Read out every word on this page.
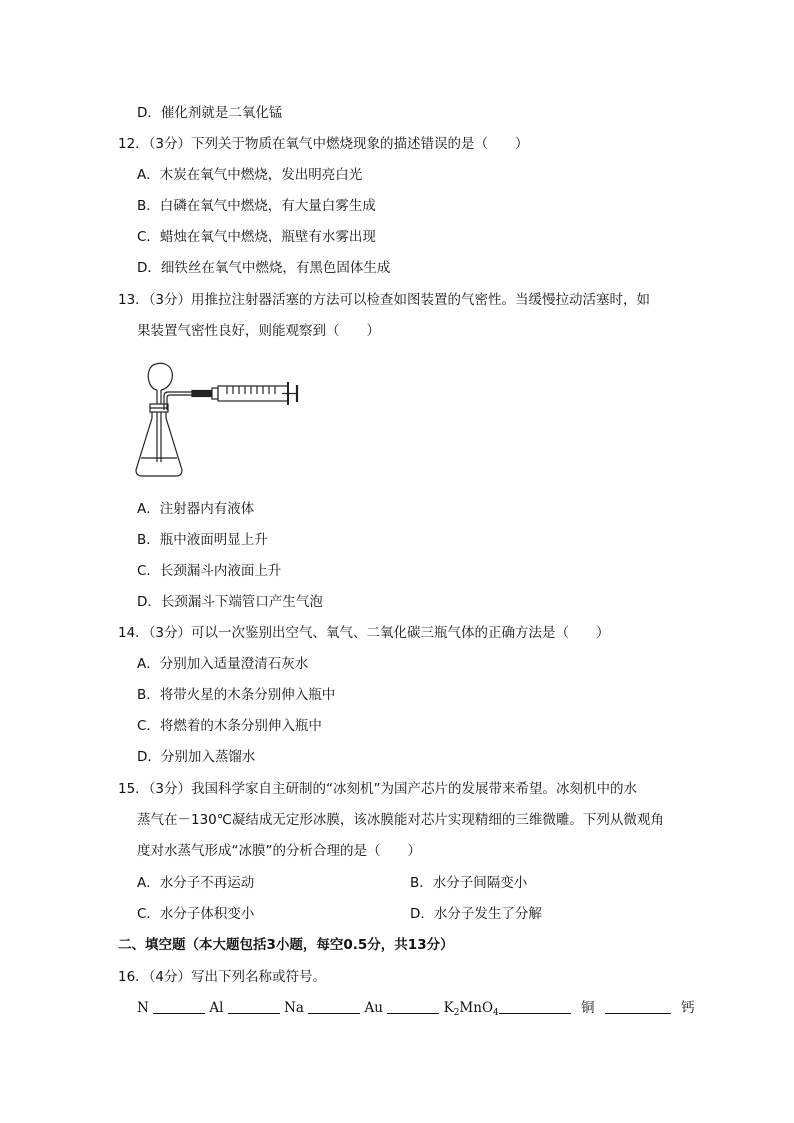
D．催化剂就是二氧化锰
12．（3分）下列关于物质在氧气中燃烧现象的描述错误的是（　　）
A．木炭在氧气中燃烧，发出明亮白光
B．白磷在氧气中燃烧，有大量白雾生成
C．蜡烛在氧气中燃烧，瓶壁有水雾出现
D．细铁丝在氧气中燃烧，有黑色固体生成
13．（3分）用推拉注射器活塞的方法可以检查如图装置的气密性。当缓慢拉动活塞时，如
果装置气密性良好，则能观察到（　　）
A．注射器内有液体
B．瓶中液面明显上升
C．长颈漏斗内液面上升
D．长颈漏斗下端管口产生气泡
14．（3分）可以一次鉴别出空气、氧气、二氧化碳三瓶气体的正确方法是（　　）
A．分别加入适量澄清石灰水
B．将带火星的木条分别伸入瓶中
C．将燃着的木条分别伸入瓶中
D．分别加入蒸馏水
15．（3分）我国科学家自主研制的“冰刻机”为国产芯片的发展带来希望。冰刻机中的水
蒸气在－130℃凝结成无定形冰膜，该冰膜能对芯片实现精细的三维微雕。下列从微观角
度对水蒸气形成“冰膜”的分析合理的是（　　）
A．水分子不再运动	B．水分子间隔变小
C．水分子体积变小	D．水分子发生了分解
二、填空题（本大题包括3小题，每空0.5分，共13分）
16．（4分）写出下列名称或符号。
N	Al	Na	Au	$K_2MnO_4$	铜	钙
